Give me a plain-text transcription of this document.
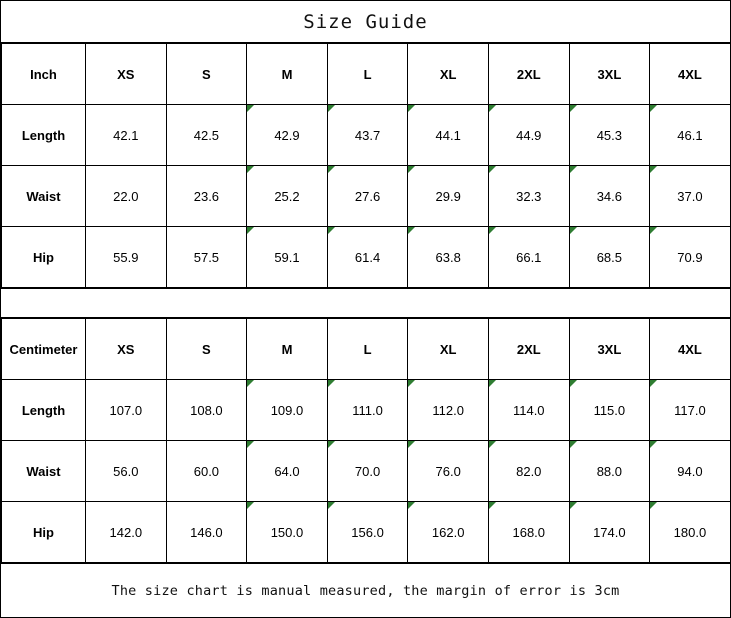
Size Guide
Inch	XS	S	M	L	XL	2XL	3XL	4XL
Length	42.1	42.5	42.9	43.7	44.1	44.9	45.3	46.1
Waist	22.0	23.6	25.2	27.6	29.9	32.3	34.6	37.0
Hip	55.9	57.5	59.1	61.4	63.8	66.1	68.5	70.9
Centimeter	XS	S	M	L	XL	2XL	3XL	4XL
Length	107.0	108.0	109.0	111.0	112.0	114.0	115.0	117.0
Waist	56.0	60.0	64.0	70.0	76.0	82.0	88.0	94.0
Hip	142.0	146.0	150.0	156.0	162.0	168.0	174.0	180.0
The size chart is manual measured, the margin of error is 3cm
